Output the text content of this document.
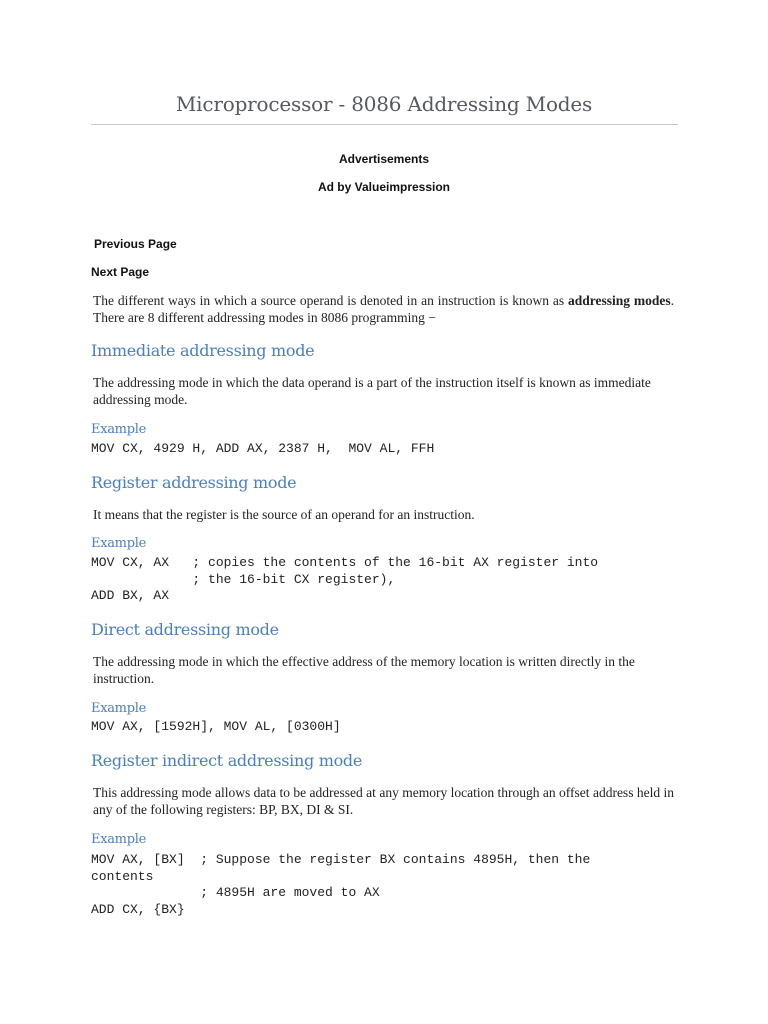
Microprocessor - 8086 Addressing Modes
Advertisements
Ad by Valueimpression
Previous Page
Next Page
The different ways in which a source operand is denoted in an instruction is known as addressing modes. There are 8 different addressing modes in 8086 programming −
Immediate addressing mode
The addressing mode in which the data operand is a part of the instruction itself is known as immediate addressing mode.
Example
MOV CX, 4929 H, ADD AX, 2387 H,  MOV AL, FFH
Register addressing mode
It means that the register is the source of an operand for an instruction.
Example
MOV CX, AX   ; copies the contents of the 16-bit AX register into
; the 16-bit CX register),
ADD BX, AX
Direct addressing mode
The addressing mode in which the effective address of the memory location is written directly in the instruction.
Example
MOV AX, [1592H], MOV AL, [0300H]
Register indirect addressing mode
This addressing mode allows data to be addressed at any memory location through an offset address held in any of the following registers: BP, BX, DI & SI.
Example
MOV AX, [BX]  ; Suppose the register BX contains 4895H, then the
contents
; 4895H are moved to AX
ADD CX, {BX}
